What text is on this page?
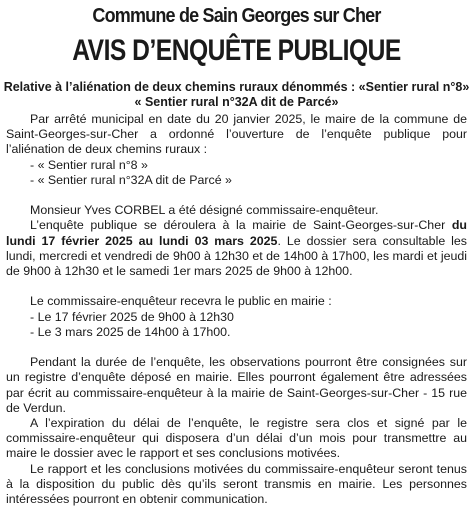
Commune de Sain Georges sur Cher
AVIS D’ENQUÊTE PUBLIQUE
Relative à l’aliénation de deux chemins ruraux dénommés : «Sentier rural n°8» « Sentier rural n°32A dit de Parcé»

Par arrêté municipal en date du 20 janvier 2025, le maire de la commune de Saint-Georges-sur-Cher a ordonné l’ouverture de l’enquête publique pour l’aliénation de deux chemins ruraux :

- « Sentier rural n°8 »

- « Sentier rural n°32A dit de Parcé »

Monsieur Yves CORBEL a été désigné commissaire-enquêteur.

L’enquête publique se déroulera à la mairie de Saint-Georges-sur-Cher du lundi 17 février 2025 au lundi 03 mars 2025. Le dossier sera consultable les lundi, mercredi et vendredi de 9h00 à 12h30 et de 14h00 à 17h00, les mardi et jeudi de 9h00 à 12h30 et le samedi 1er mars 2025 de 9h00 à 12h00.

Le commissaire-enquêteur recevra le public en mairie :

- Le 17 février 2025 de 9h00 à 12h30

- Le 3 mars 2025 de 14h00 à 17h00.

Pendant la durée de l’enquête, les observations pourront être consignées sur un registre d’enquête déposé en mairie. Elles pourront également être adressées par écrit au commissaire-enquêteur à la mairie de Saint-Georges-sur-Cher - 15 rue de Verdun.

A l’expiration du délai de l’enquête, le registre sera clos et signé par le commissaire-enquêteur qui disposera d’un délai d’un mois pour transmettre au maire le dossier avec le rapport et ses conclusions motivées.

Le rapport et les conclusions motivées du commissaire-enquêteur seront tenus à la disposition du public dès qu’ils seront transmis en mairie. Les personnes intéressées pourront en obtenir communication.
